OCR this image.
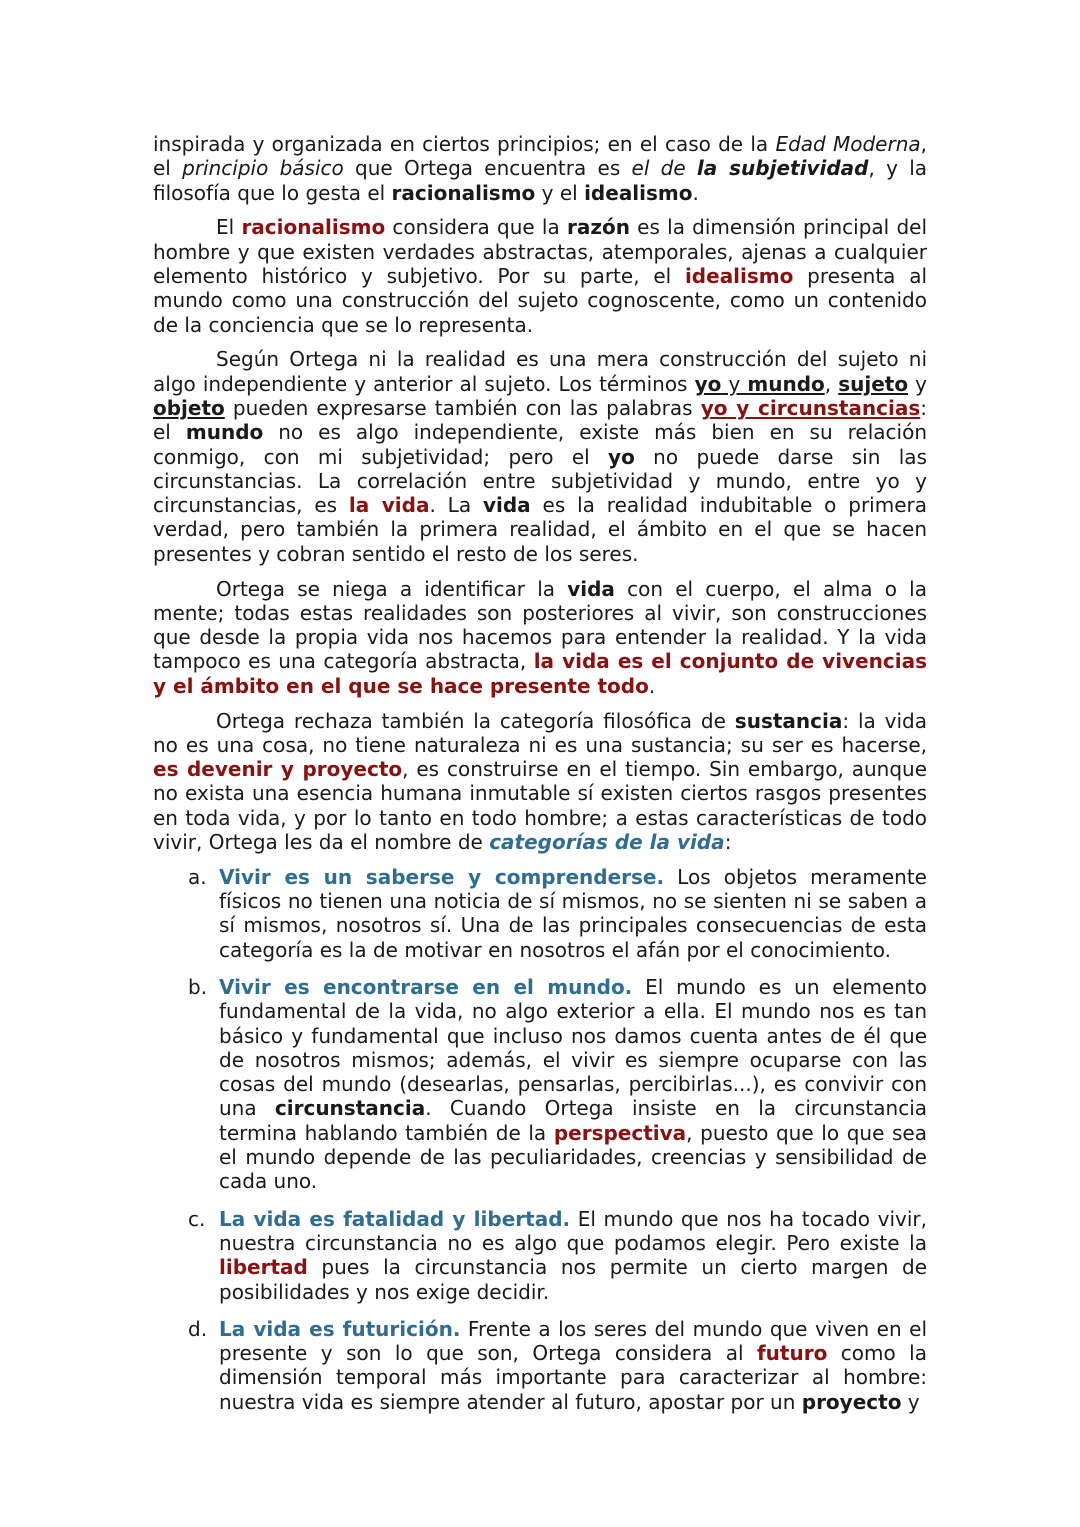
inspirada y organizada en ciertos principios; en el caso de la Edad Moderna, el principio básico que Ortega encuentra es el de la subjetividad, y la filosofía que lo gesta el racionalismo y el idealismo.

El racionalismo considera que la razón es la dimensión principal del hombre y que existen verdades abstractas, atemporales, ajenas a cualquier elemento histórico y subjetivo. Por su parte, el idealismo presenta al mundo como una construcción del sujeto cognoscente, como un contenido de la conciencia que se lo representa.

Según Ortega ni la realidad es una mera construcción del sujeto ni algo independiente y anterior al sujeto. Los términos yo y mundo, sujeto y objeto pueden expresarse también con las palabras yo y circunstancias: el mundo no es algo independiente, existe más bien en su relación conmigo, con mi subjetividad; pero el yo no puede darse sin las circunstancias. La correlación entre subjetividad y mundo, entre yo y circunstancias, es la vida. La vida es la realidad indubitable o primera verdad, pero también la primera realidad, el ámbito en el que se hacen presentes y cobran sentido el resto de los seres.

Ortega se niega a identificar la vida con el cuerpo, el alma o la mente; todas estas realidades son posteriores al vivir, son construcciones que desde la propia vida nos hacemos para entender la realidad. Y la vida tampoco es una categoría abstracta, la vida es el conjunto de vivencias y el ámbito en el que se hace presente todo.

Ortega rechaza también la categoría filosófica de sustancia: la vida no es una cosa, no tiene naturaleza ni es una sustancia; su ser es hacerse, es devenir y proyecto, es construirse en el tiempo. Sin embargo, aunque no exista una esencia humana inmutable sí existen ciertos rasgos presentes en toda vida, y por lo tanto en todo hombre; a estas características de todo vivir, Ortega les da el nombre de categorías de la vida:

a. Vivir es un saberse y comprenderse. Los objetos meramente físicos no tienen una noticia de sí mismos, no se sienten ni se saben a sí mismos, nosotros sí. Una de las principales consecuencias de esta categoría es la de motivar en nosotros el afán por el conocimiento.
b. Vivir es encontrarse en el mundo. El mundo es un elemento fundamental de la vida, no algo exterior a ella. El mundo nos es tan básico y fundamental que incluso nos damos cuenta antes de él que de nosotros mismos; además, el vivir es siempre ocuparse con las cosas del mundo (desearlas, pensarlas, percibirlas...), es convivir con una circunstancia. Cuando Ortega insiste en la circunstancia termina hablando también de la perspectiva, puesto que lo que sea el mundo depende de las peculiaridades, creencias y sensibilidad de cada uno.
c. La vida es fatalidad y libertad. El mundo que nos ha tocado vivir, nuestra circunstancia no es algo que podamos elegir. Pero existe la libertad pues la circunstancia nos permite un cierto margen de posibilidades y nos exige decidir.
d. La vida es futurición. Frente a los seres del mundo que viven en el presente y son lo que son, Ortega considera al futuro como la dimensión temporal más importante para caracterizar al hombre: nuestra vida es siempre atender al futuro, apostar por un proyecto y
